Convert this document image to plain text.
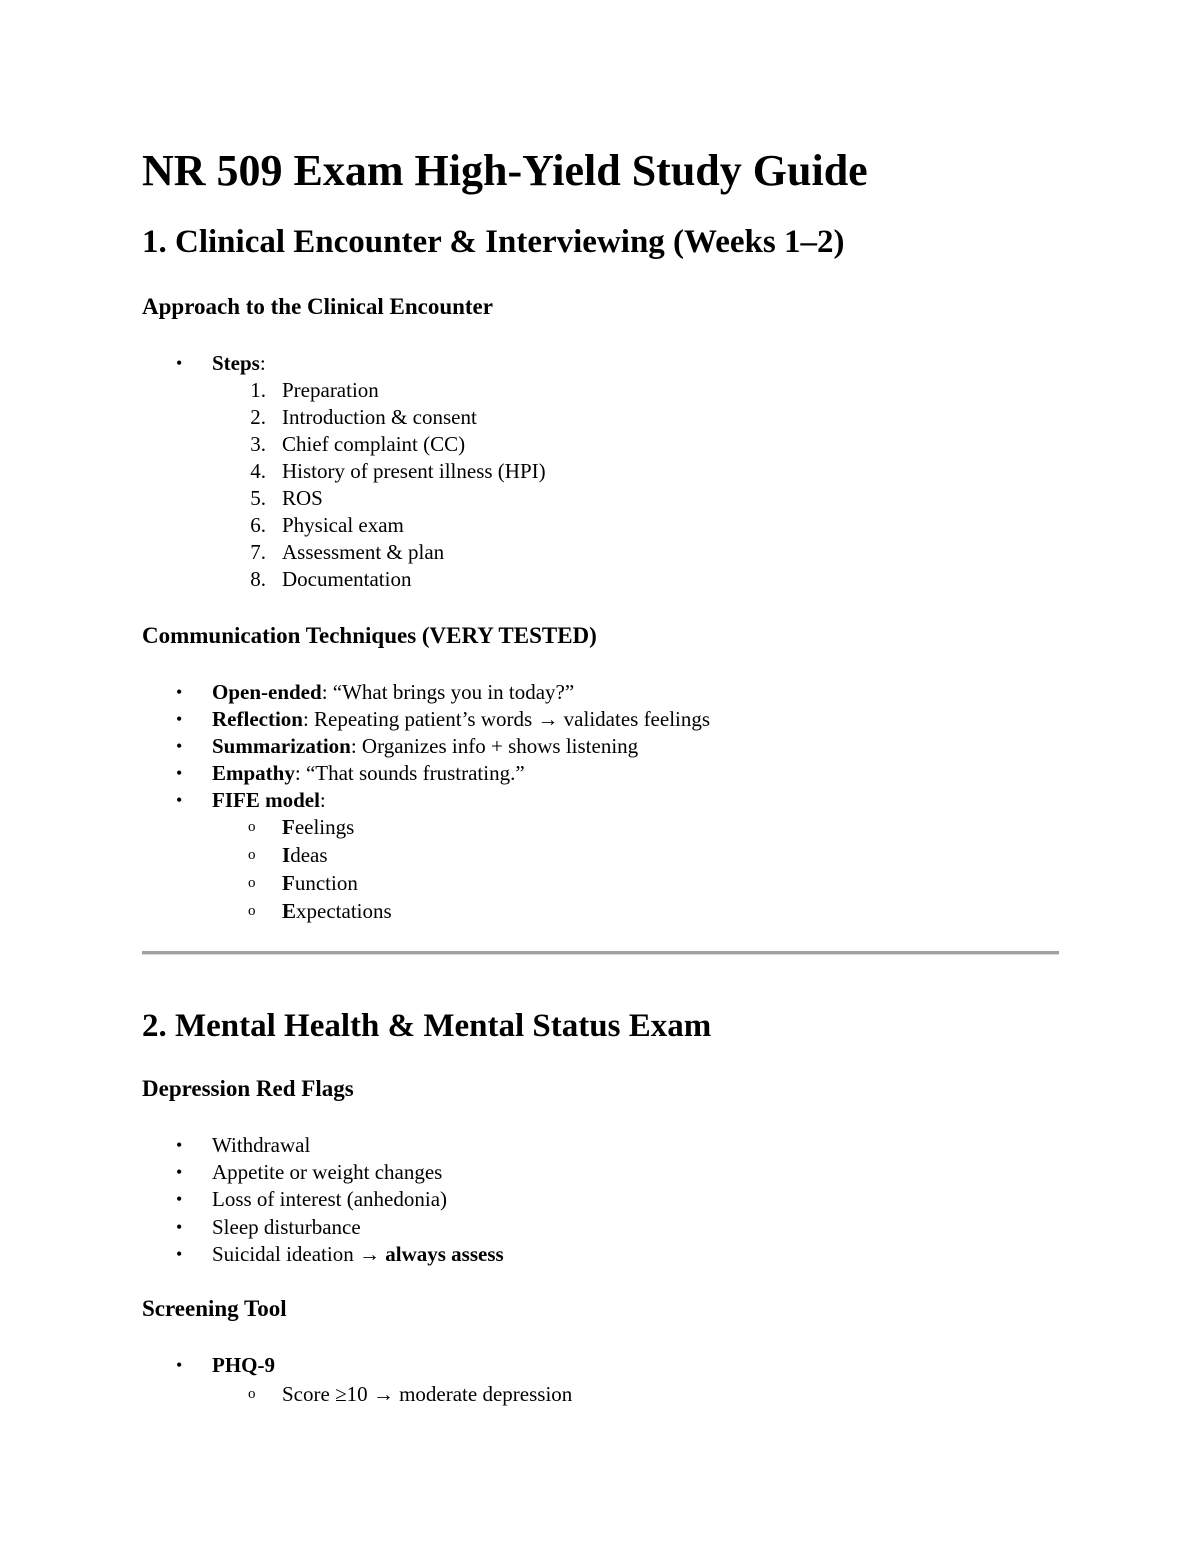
NR 509 Exam High-Yield Study Guide
1. Clinical Encounter & Interviewing (Weeks 1–2)
Approach to the Clinical Encounter
• Steps:
1. Preparation
2. Introduction & consent
3. Chief complaint (CC)
4. History of present illness (HPI)
5. ROS
6. Physical exam
7. Assessment & plan
8. Documentation
Communication Techniques (VERY TESTED)
• Open-ended: “What brings you in today?”
• Reflection: Repeating patient’s words → validates feelings
• Summarization: Organizes info + shows listening
• Empathy: “That sounds frustrating.”
• FIFE model:
o Feelings
o Ideas
o Function
o Expectations
2. Mental Health & Mental Status Exam
Depression Red Flags
• Withdrawal
• Appetite or weight changes
• Loss of interest (anhedonia)
• Sleep disturbance
• Suicidal ideation → always assess
Screening Tool
• PHQ-9
o Score ≥10 → moderate depression
